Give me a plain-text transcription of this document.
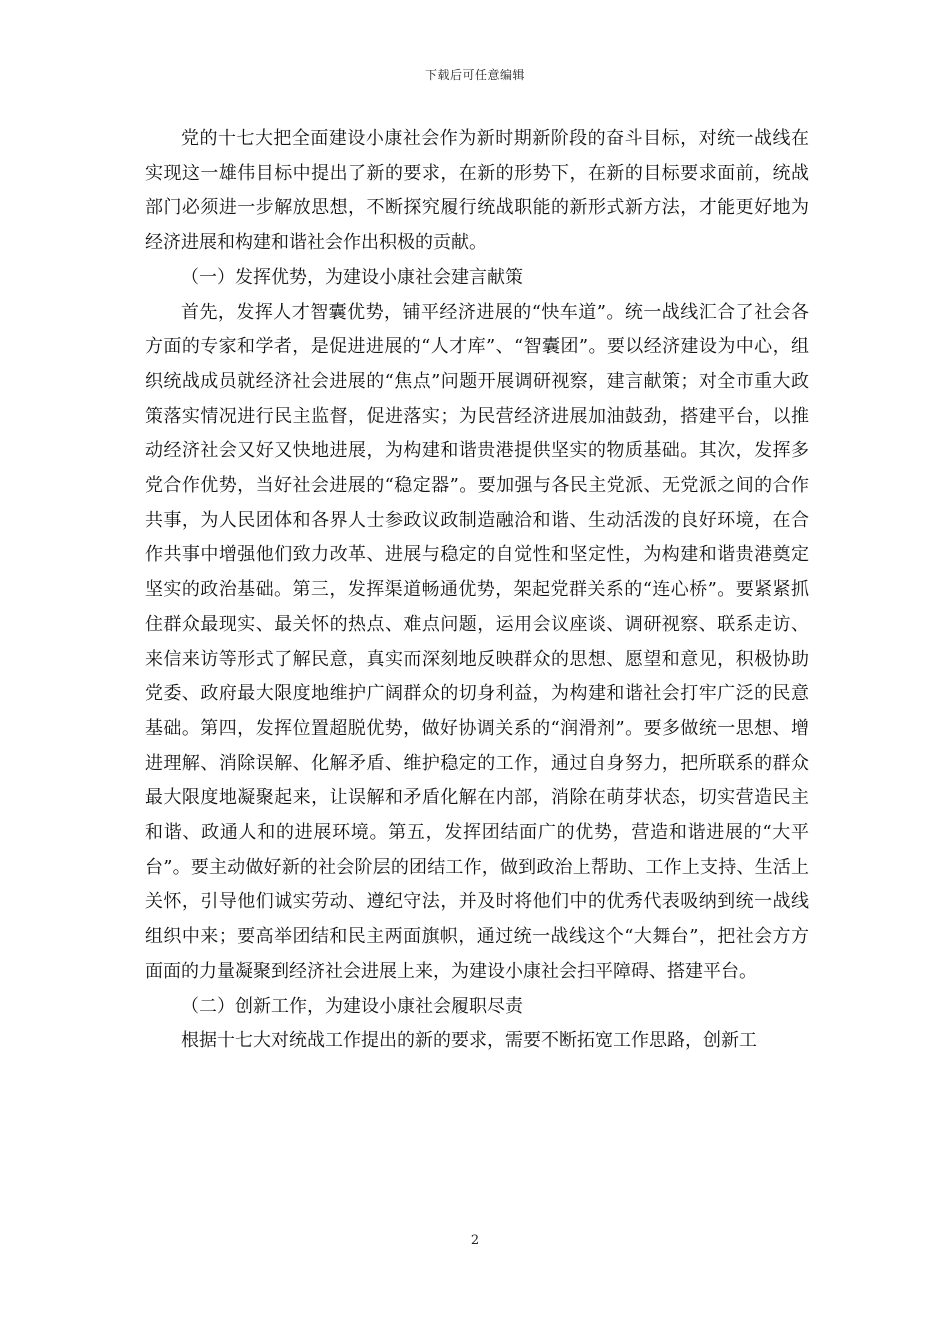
下载后可任意编辑

党的十七大把全面建设小康社会作为新时期新阶段的奋斗目标，对统一战线在实现这一雄伟目标中提出了新的要求，在新的形势下，在新的目标要求面前，统战部门必须进一步解放思想，不断探究履行统战职能的新形式新方法，才能更好地为经济进展和构建和谐社会作出积极的贡献。

（一）发挥优势，为建设小康社会建言献策

首先，发挥人才智囊优势，铺平经济进展的“快车道”。统一战线汇合了社会各方面的专家和学者，是促进进展的“人才库”、“智囊团”。要以经济建设为中心，组织统战成员就经济社会进展的“焦点”问题开展调研视察，建言献策；对全市重大政策落实情况进行民主监督，促进落实；为民营经济进展加油鼓劲，搭建平台，以推动经济社会又好又快地进展，为构建和谐贵港提供坚实的物质基础。其次，发挥多党合作优势，当好社会进展的“稳定器”。要加强与各民主党派、无党派之间的合作共事，为人民团体和各界人士参政议政制造融洽和谐、生动活泼的良好环境，在合作共事中增强他们致力改革、进展与稳定的自觉性和坚定性，为构建和谐贵港奠定坚实的政治基础。第三，发挥渠道畅通优势，架起党群关系的“连心桥”。要紧紧抓住群众最现实、最关怀的热点、难点问题，运用会议座谈、调研视察、联系走访、来信来访等形式了解民意，真实而深刻地反映群众的思想、愿望和意见，积极协助党委、政府最大限度地维护广阔群众的切身利益，为构建和谐社会打牢广泛的民意基础。第四，发挥位置超脱优势，做好协调关系的“润滑剂”。要多做统一思想、增进理解、消除误解、化解矛盾、维护稳定的工作，通过自身努力，把所联系的群众最大限度地凝聚起来，让误解和矛盾化解在内部，消除在萌芽状态，切实营造民主和谐、政通人和的进展环境。第五，发挥团结面广的优势，营造和谐进展的“大平台”。要主动做好新的社会阶层的团结工作，做到政治上帮助、工作上支持、生活上关怀，引导他们诚实劳动、遵纪守法，并及时将他们中的优秀代表吸纳到统一战线组织中来；要高举团结和民主两面旗帜，通过统一战线这个“大舞台”，把社会方方面面的力量凝聚到经济社会进展上来，为建设小康社会扫平障碍、搭建平台。

（二）创新工作，为建设小康社会履职尽责

根据十七大对统战工作提出的新的要求，需要不断拓宽工作思路，创新工

2
